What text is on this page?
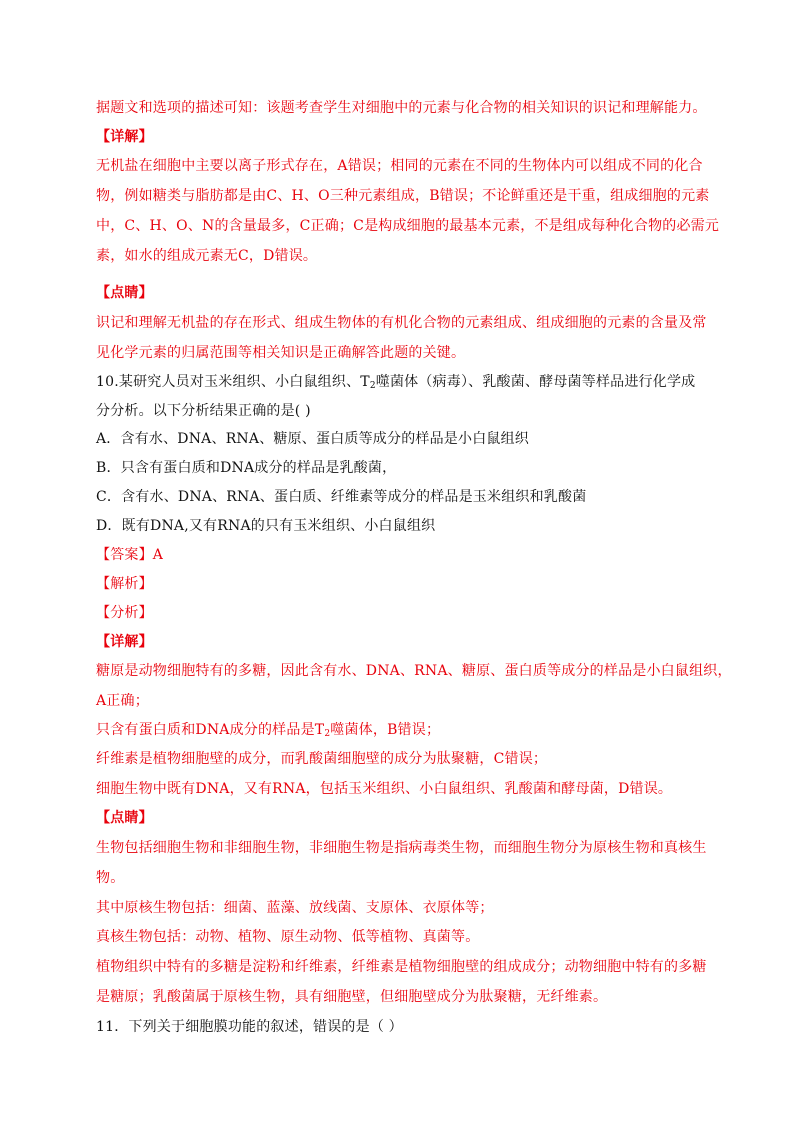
据题文和选项的描述可知：该题考查学生对细胞中的元素与化合物的相关知识的识记和理解能力。
【详解】
无机盐在细胞中主要以离子形式存在，A错误；相同的元素在不同的生物体内可以组成不同的化合
物，例如糖类与脂肪都是由C、H、O三种元素组成，B错误；不论鲜重还是干重，组成细胞的元素
中，C、H、O、N的含量最多，C正确；C是构成细胞的最基本元素，不是组成每种化合物的必需元
素，如水的组成元素无C，D错误。
【点睛】
识记和理解无机盐的存在形式、组成生物体的有机化合物的元素组成、组成细胞的元素的含量及常
见化学元素的归属范围等相关知识是正确解答此题的关键。
10.某研究人员对玉米组织、小白鼠组织、$T_2$噬菌体（病毒）、乳酸菌、酵母菌等样品进行化学成
分分析。以下分析结果正确的是( )
A．含有水、DNA、RNA、糖原、蛋白质等成分的样品是小白鼠组织
B．只含有蛋白质和DNA成分的样品是乳酸菌，
C．含有水、DNA、RNA、蛋白质、纤维素等成分的样品是玉米组织和乳酸菌
D．既有DNA,又有RNA的只有玉米组织、小白鼠组织
【答案】A
【解析】
【分析】
【详解】
糖原是动物细胞特有的多糖，因此含有水、DNA、RNA、糖原、蛋白质等成分的样品是小白鼠组织，
A正确；
只含有蛋白质和DNA成分的样品是$T_2$噬菌体，B错误；
纤维素是植物细胞壁的成分，而乳酸菌细胞壁的成分为肽聚糖，C错误；
细胞生物中既有DNA，又有RNA，包括玉米组织、小白鼠组织、乳酸菌和酵母菌，D错误。
【点睛】
生物包括细胞生物和非细胞生物，非细胞生物是指病毒类生物，而细胞生物分为原核生物和真核生
物。
其中原核生物包括：细菌、蓝藻、放线菌、支原体、衣原体等；
真核生物包括：动物、植物、原生动物、低等植物、真菌等。
植物组织中特有的多糖是淀粉和纤维素，纤维素是植物细胞壁的组成成分；动物细胞中特有的多糖
是糖原；乳酸菌属于原核生物，具有细胞壁，但细胞壁成分为肽聚糖，无纤维素。
11．下列关于细胞膜功能的叙述，错误的是（ ）
